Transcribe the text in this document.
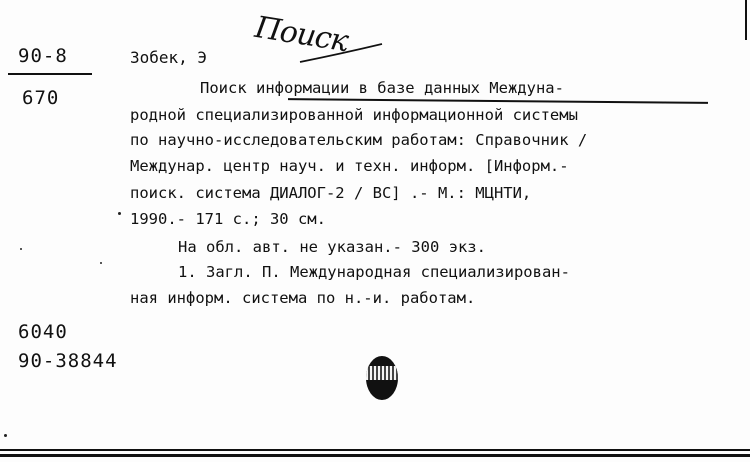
Поиск
90-8
670
Зобек, Э
Поиск информации в базе данных Междуна-
родной специализированной информационной системы
по научно-исследовательским работам: Справочник /
Междунар. центр науч. и техн. информ. [Информ.-
поиск. система ДИАЛОГ-2 / ВС] .- М.: МЦНТИ,
1990.- 171 с.; 30 см.
На обл. авт. не указан.- 300 экз.
1. Загл. П. Международная специализирован-
ная информ. система по н.-и. работам.
6040
90-38844
